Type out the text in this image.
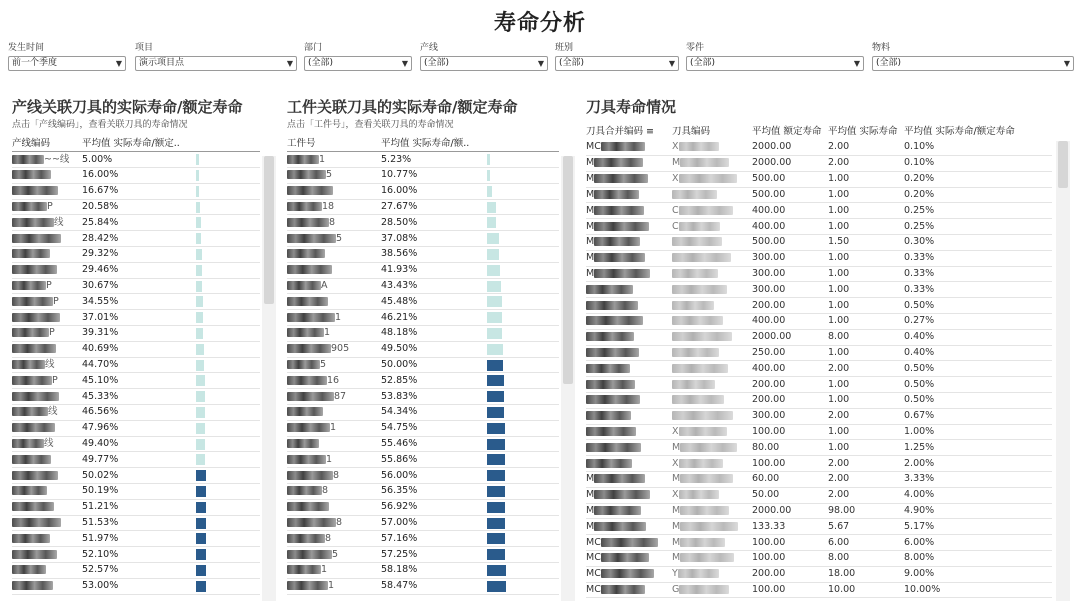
寿命分析
发生时间
前一个季度	▼
项目
演示项目点	▼
部门
(全部)	▼
产线
(全部)	▼
班别
(全部)	▼
零件
(全部)	▼
物料
(全部)	▼
产线关联刀具的实际寿命/额定寿命
点击「产线编码」，查看关联刀具的寿命情况
产线编码	平均值 实际寿命/额定..	
~~线	5.00%	

	16.00%	

	16.67%	

P	20.58%	

线	25.84%	

	28.42%	

	29.32%	

	29.46%	

P	30.67%	

P	34.55%	

	37.01%	

P	39.31%	

	40.69%	

线	44.70%	

P	45.10%	

	45.33%	

线	46.56%	

	47.96%	

线	49.40%	

	49.77%	

	50.02%	

	50.19%	

	51.21%	

	51.53%	

	51.97%	

	52.10%	

	52.57%	

	53.00%	
工件关联刀具的实际寿命/额定寿命
点击「工件号」，查看关联刀具的寿命情况
工件号	平均值 实际寿命/额..	
1	5.23%	

5	10.77%	

	16.00%	

18	27.67%	

8	28.50%	

5	37.08%	

	38.56%	

	41.93%	

A	43.43%	

	45.48%	

1	46.21%	

1	48.18%	

905	49.50%	

5	50.00%	

16	52.85%	

87	53.83%	

	54.34%	

1	54.75%	

	55.46%	

1	55.86%	

8	56.00%	

8	56.35%	

	56.92%	

8	57.00%	

8	57.16%	

5	57.25%	

1	58.18%	

1	58.47%	
刀具寿命情况
刀具合并编码 ≡	刀具编码	平均值 额定寿命	平均值 实际寿命	平均值 实际寿命/额定寿命
MC	X	2000.00	2.00	0.10%
M	M	2000.00	2.00	0.10%
M	X	500.00	1.00	0.20%
M		500.00	1.00	0.20%
M	C	400.00	1.00	0.25%
M	C	400.00	1.00	0.25%
M		500.00	1.50	0.30%
M		300.00	1.00	0.33%
M		300.00	1.00	0.33%
		300.00	1.00	0.33%
		200.00	1.00	0.50%
		400.00	1.00	0.27%
		2000.00	8.00	0.40%
		250.00	1.00	0.40%
		400.00	2.00	0.50%
		200.00	1.00	0.50%
		200.00	1.00	0.50%
		300.00	2.00	0.67%
	X	100.00	1.00	1.00%
	M	80.00	1.00	1.25%
	X	100.00	2.00	2.00%
M	M	60.00	2.00	3.33%
M	X	50.00	2.00	4.00%
M	M	2000.00	98.00	4.90%
M	M	133.33	5.67	5.17%
MC	M	100.00	6.00	6.00%
MC	M	100.00	8.00	8.00%
MC	Y	200.00	18.00	9.00%
MC	G	100.00	10.00	10.00%
